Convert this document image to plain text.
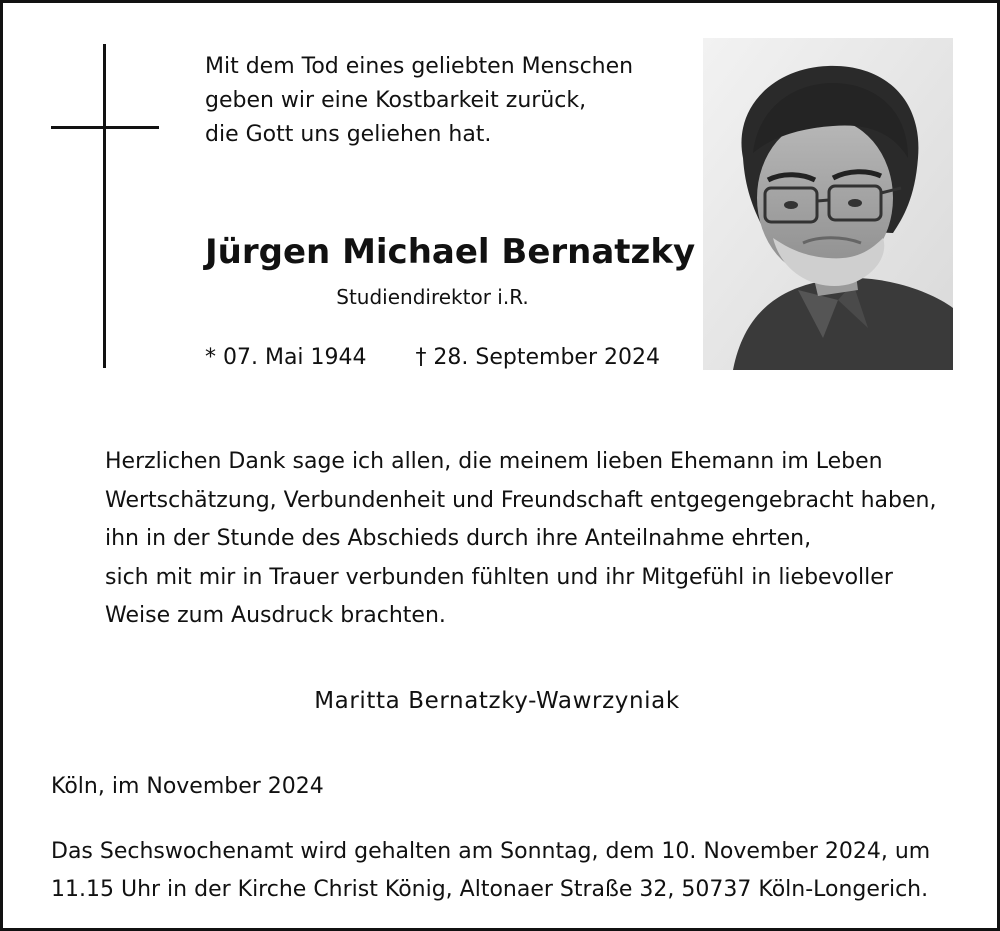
Mit dem Tod eines geliebten Menschen
geben wir eine Kostbarkeit zurück,
die Gott uns geliehen hat.
Jürgen Michael Bernatzky
Studiendirektor i.R.
* 07. Mai 1944 † 28. September 2024
Herzlichen Dank sage ich allen, die meinem lieben Ehemann im Leben
Wertschätzung, Verbundenheit und Freundschaft entgegengebracht haben,
ihn in der Stunde des Abschieds durch ihre Anteilnahme ehrten,
sich mit mir in Trauer verbunden fühlten und ihr Mitgefühl in liebevoller
Weise zum Ausdruck brachten.
Maritta Bernatzky-Wawrzyniak
Köln, im November 2024
Das Sechswochenamt wird gehalten am Sonntag, dem 10. November 2024, um
11.15 Uhr in der Kirche Christ König, Altonaer Straße 32, 50737 Köln-Longerich.
